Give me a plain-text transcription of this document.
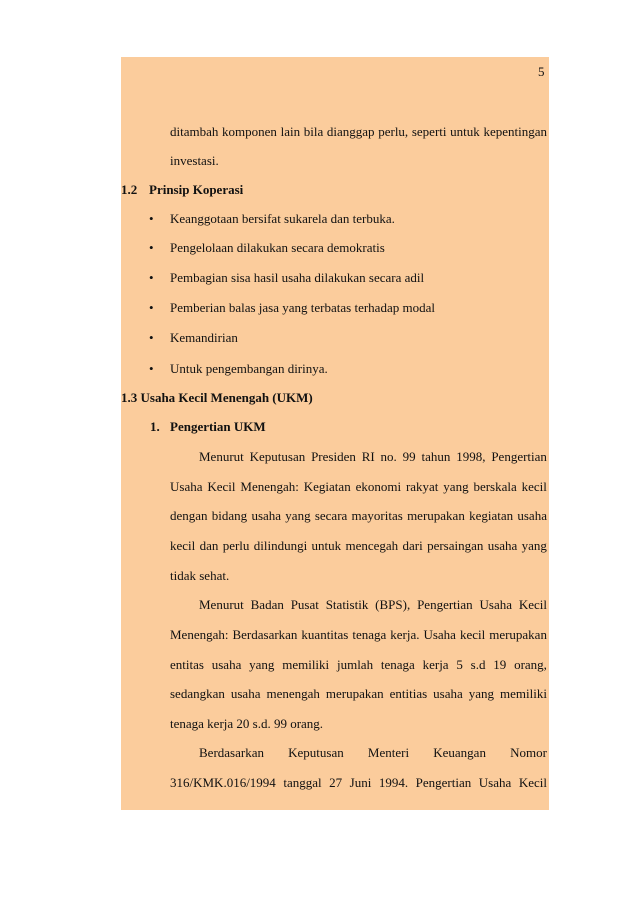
5
ditambah komponen lain bila dianggap perlu, seperti untuk kepentingan
investasi.
1.2 Prinsip Koperasi
• Keanggotaan bersifat sukarela dan terbuka.
• Pengelolaan dilakukan secara demokratis
• Pembagian sisa hasil usaha dilakukan secara adil
• Pemberian balas jasa yang terbatas terhadap modal
• Kemandirian
• Untuk pengembangan dirinya.
1.3 Usaha Kecil Menengah (UKM)
1. Pengertian UKM
Menurut Keputusan Presiden RI no. 99 tahun 1998, Pengertian
Usaha Kecil Menengah: Kegiatan ekonomi rakyat yang berskala kecil
dengan bidang usaha yang secara mayoritas merupakan kegiatan usaha
kecil dan perlu dilindungi untuk mencegah dari persaingan usaha yang
tidak sehat.
Menurut Badan Pusat Statistik (BPS), Pengertian Usaha Kecil
Menengah: Berdasarkan kuantitas tenaga kerja. Usaha kecil merupakan
entitas usaha yang memiliki jumlah tenaga kerja 5 s.d 19 orang,
sedangkan usaha menengah merupakan entitias usaha yang memiliki
tenaga kerja 20 s.d. 99 orang.
Berdasarkan Keputusan Menteri Keuangan Nomor
316/KMK.016/1994 tanggal 27 Juni 1994. Pengertian Usaha Kecil
